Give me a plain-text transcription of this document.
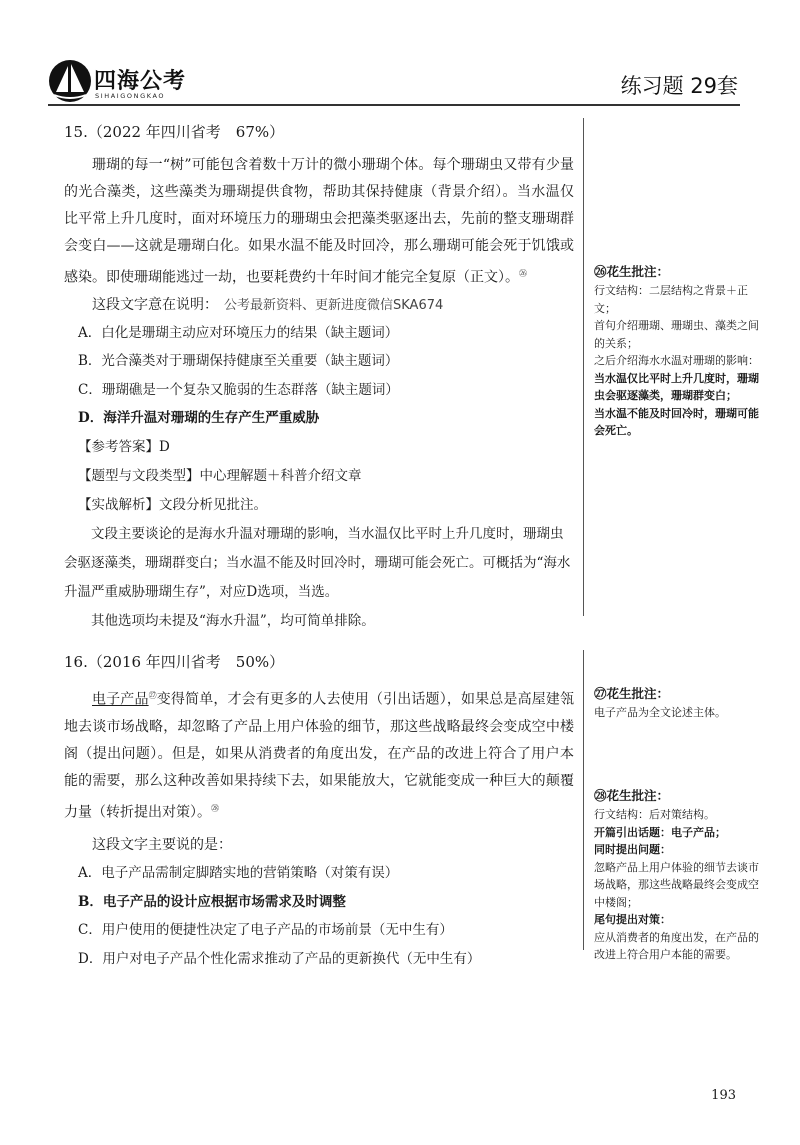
四海公考
SIHAIGONGKAO	练习题 29套

15.（2022 年四川省考　67%）

珊瑚的每一“树”可能包含着数十万计的微小珊瑚个体。每个珊瑚虫又带有少量的光合藻类，这些藻类为珊瑚提供食物，帮助其保持健康（背景介绍）。当水温仅比平常上升几度时，面对环境压力的珊瑚虫会把藻类驱逐出去，先前的整支珊瑚群会变白——这就是珊瑚白化。如果水温不能及时回冷，那么珊瑚可能会死于饥饿或感染。即使珊瑚能逃过一劫，也要耗费约十年时间才能完全复原（正文）。$^㉖$

这段文字意在说明： 公考最新资料、更新进度微信SKA674

A．白化是珊瑚主动应对环境压力的结果（缺主题词）

B．光合藻类对于珊瑚保持健康至关重要（缺主题词）

C．珊瑚礁是一个复杂又脆弱的生态群落（缺主题词）

D．海洋升温对珊瑚的生存产生严重威胁

【参考答案】D

【题型与文段类型】中心理解题＋科普介绍文章

【实战解析】文段分析见批注。

文段主要谈论的是海水升温对珊瑚的影响，当水温仅比平时上升几度时，珊瑚虫会驱逐藻类，珊瑚群变白；当水温不能及时回冷时，珊瑚可能会死亡。可概括为“海水升温严重威胁珊瑚生存”，对应D选项，当选。

其他选项均未提及“海水升温”，均可简单排除。

㉖花生批注：

行文结构：二层结构之背景＋正文；

首句介绍珊瑚、珊瑚虫、藻类之间的关系；

之后介绍海水水温对珊瑚的影响：

当水温仅比平时上升几度时，珊瑚虫会驱逐藻类，珊瑚群变白；

当水温不能及时回冷时，珊瑚可能会死亡。

16.（2016 年四川省考　50%）

电子产品$^㉗$变得简单，才会有更多的人去使用（引出话题），如果总是高屋建瓴地去谈市场战略，却忽略了产品上用户体验的细节，那这些战略最终会变成空中楼阁（提出问题）。但是，如果从消费者的角度出发，在产品的改进上符合了用户本能的需要，那么这种改善如果持续下去，如果能放大，它就能变成一种巨大的颠覆力量（转折提出对策）。$^㉘$

这段文字主要说的是：

A．电子产品需制定脚踏实地的营销策略（对策有误）

B．电子产品的设计应根据市场需求及时调整

C．用户使用的便捷性决定了电子产品的市场前景（无中生有）

D．用户对电子产品个性化需求推动了产品的更新换代（无中生有）

㉗花生批注：

电子产品为全文论述主体。

㉘花生批注：

行文结构：后对策结构。

开篇引出话题：电子产品；

同时提出问题：

忽略产品上用户体验的细节去谈市场战略，那这些战略最终会变成空中楼阁；

尾句提出对策：

应从消费者的角度出发，在产品的改进上符合用户本能的需要。

193
